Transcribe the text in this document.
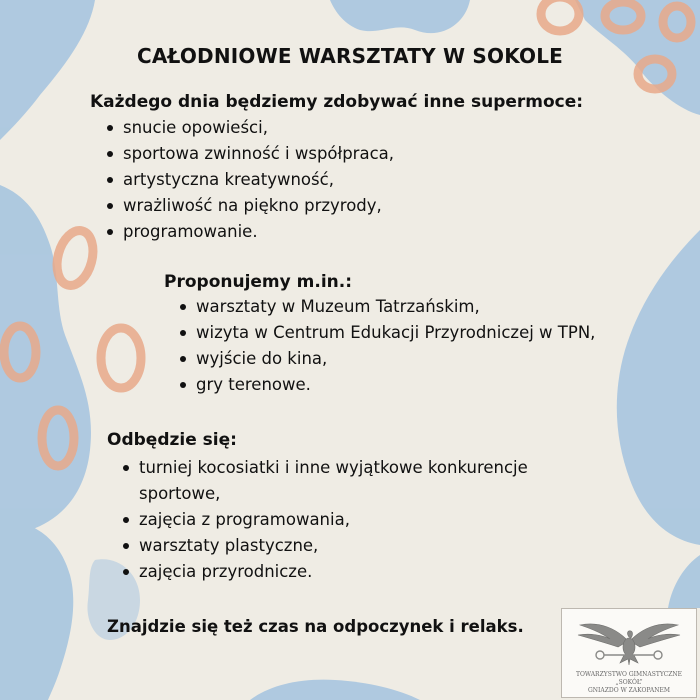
CAŁODNIOWE WARSZTATY W SOKOLE
Każdego dnia będziemy zdobywać inne supermoce:
snucie opowieści,
sportowa zwinność i współpraca,
artystyczna kreatywność,
wrażliwość na piękno przyrody,
programowanie.
Proponujemy m.in.:
warsztaty w Muzeum Tatrzańskim,
wizyta w Centrum Edukacji Przyrodniczej w TPN,
wyjście do kina,
gry terenowe.
Odbędzie się:
turniej kocosiatki i inne wyjątkowe konkurencje
sportowe,
zajęcia z programowania,
warsztaty plastyczne,
zajęcia przyrodnicze.
Znajdzie się też czas na odpoczynek i relaks.
TOWARZYSTWO GIMNASTYCZNE
„SOKÓŁ”
GNIAZDO W ZAKOPANEM
